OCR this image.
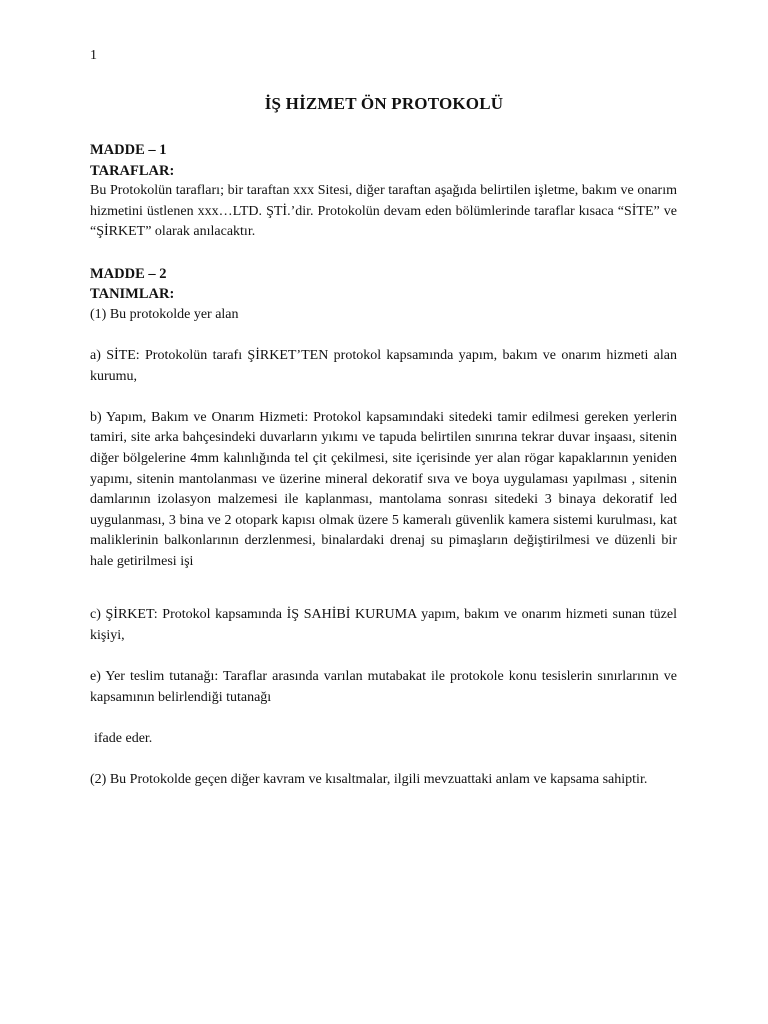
1
İŞ HİZMET ÖN PROTOKOLÜ
MADDE – 1
TARAFLAR:
Bu Protokolün tarafları; bir taraftan xxx Sitesi, diğer taraftan aşağıda belirtilen işletme, bakım ve onarım hizmetini üstlenen xxx…LTD. ŞTİ.’dir. Protokolün devam eden bölümlerinde taraflar kısaca “SİTE” ve “ŞİRKET” olarak anılacaktır.
MADDE – 2
TANIMLAR:
(1) Bu protokolde yer alan
a) SİTE: Protokolün tarafı ŞİRKET’TEN protokol kapsamında yapım, bakım ve onarım hizmeti alan kurumu,
b) Yapım, Bakım ve Onarım Hizmeti: Protokol kapsamındaki sitedeki tamir edilmesi gereken yerlerin tamiri, site arka bahçesindeki duvarların yıkımı ve tapuda belirtilen sınırına tekrar duvar inşaası, sitenin diğer bölgelerine 4mm kalınlığında tel çit çekilmesi, site içerisinde yer alan rögar kapaklarının yeniden yapımı, sitenin mantolanması ve üzerine mineral dekoratif sıva ve boya uygulaması yapılması , sitenin damlarının izolasyon malzemesi ile kaplanması, mantolama sonrası sitedeki 3 binaya dekoratif led uygulanması, 3 bina ve 2 otopark kapısı olmak üzere 5 kameralı güvenlik kamera sistemi kurulması, kat maliklerinin balkonlarının derzlenmesi, binalardaki drenaj su pimaşların değiştirilmesi ve düzenli bir hale getirilmesi işi
c) ŞİRKET: Protokol kapsamında İŞ SAHİBİ KURUMA yapım, bakım ve onarım hizmeti sunan tüzel kişiyi,
e) Yer teslim tutanağı: Taraflar arasında varılan mutabakat ile protokole konu tesislerin sınırlarının ve kapsamının belirlendiği tutanağı
ifade eder.
(2) Bu Protokolde geçen diğer kavram ve kısaltmalar, ilgili mevzuattaki anlam ve kapsama sahiptir.
